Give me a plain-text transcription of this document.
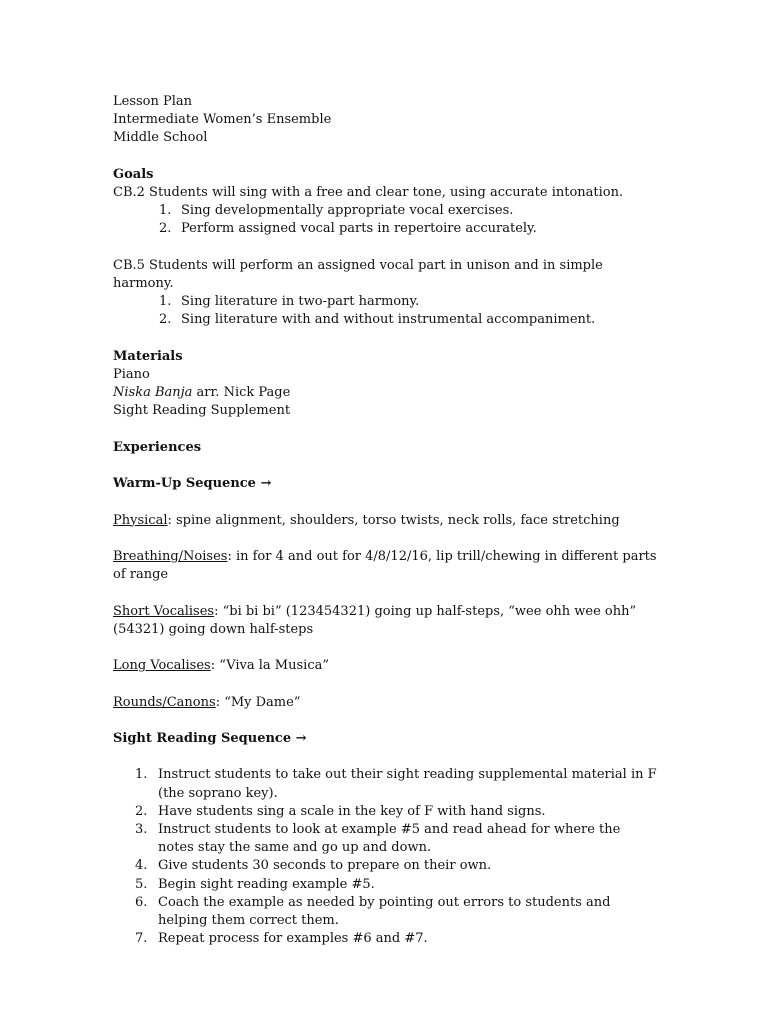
Lesson Plan

Intermediate Women’s Ensemble

Middle School

Goals

CB.2 Students will sing with a free and clear tone, using accurate intonation.

1. Sing developmentally appropriate vocal exercises.
2. Perform assigned vocal parts in repertoire accurately.

CB.5 Students will perform an assigned vocal part in unison and in simple harmony.

1. Sing literature in two-part harmony.
2. Sing literature with and without instrumental accompaniment.

Materials

Piano

Niska Banja arr. Nick Page

Sight Reading Supplement

Experiences

Warm-Up Sequence →

Physical: spine alignment, shoulders, torso twists, neck rolls, face stretching

Breathing/Noises: in for 4 and out for 4/8/12/16, lip trill/chewing in different parts of range

Short Vocalises: “bi bi bi” (123454321) going up half-steps, “wee ohh wee ohh” (54321) going down half-steps

Long Vocalises: “Viva la Musica”

Rounds/Canons: “My Dame”

Sight Reading Sequence →

1. Instruct students to take out their sight reading supplemental material in F (the soprano key).
2. Have students sing a scale in the key of F with hand signs.
3. Instruct students to look at example #5 and read ahead for where the notes stay the same and go up and down.
4. Give students 30 seconds to prepare on their own.
5. Begin sight reading example #5.
6. Coach the example as needed by pointing out errors to students and helping them correct them.
7. Repeat process for examples #6 and #7.
